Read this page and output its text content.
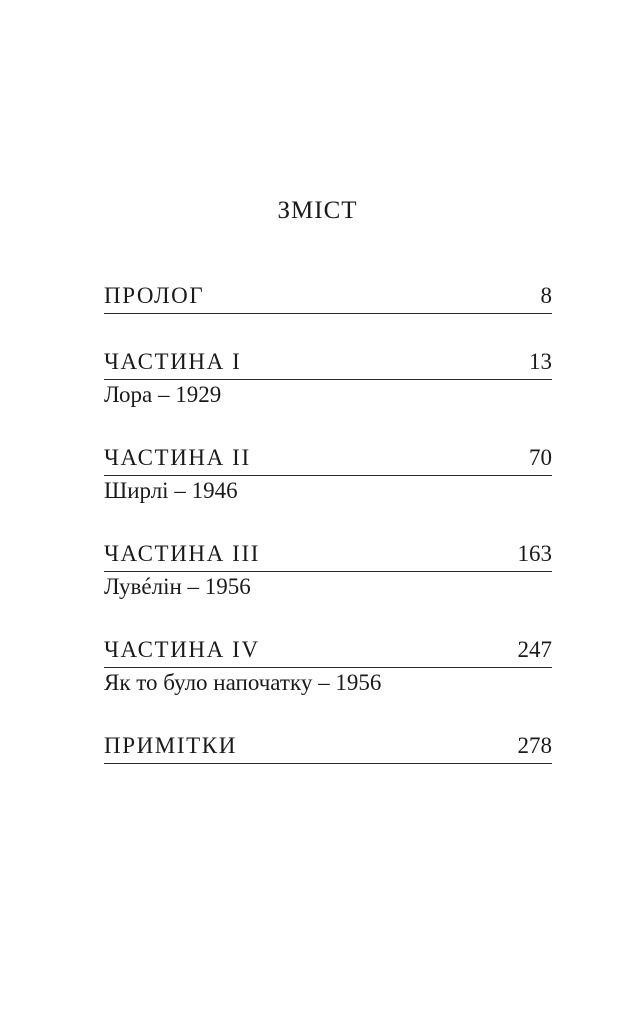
ЗМІСТ
ПРОЛОГ	8
ЧАСТИНА I	13
Лора – 1929
ЧАСТИНА II	70
Ширлі – 1946
ЧАСТИНА III	163
Лувéлін – 1956
ЧАСТИНА IV	247
Як то було напочатку – 1956
ПРИМІТКИ	278
